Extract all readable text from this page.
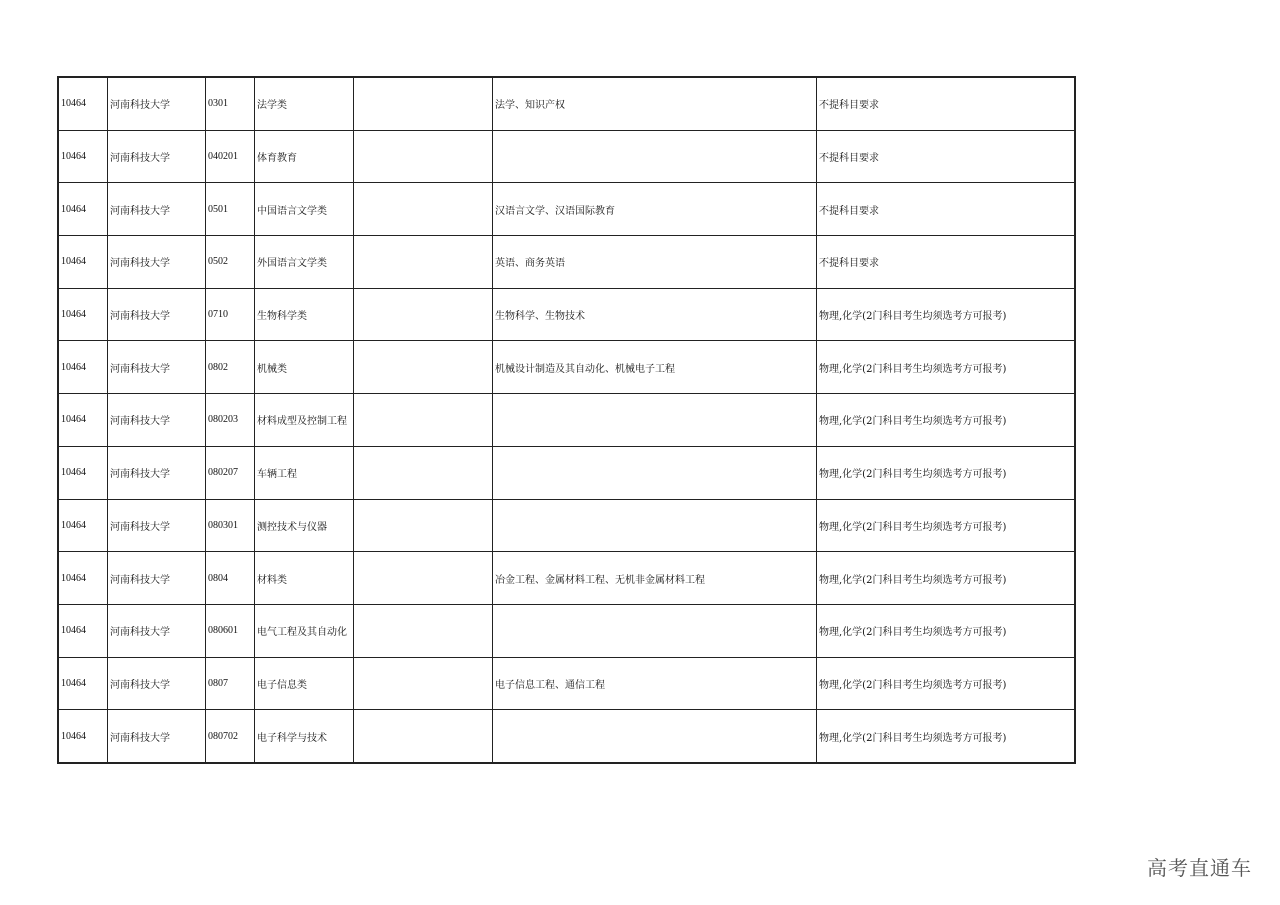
10464	河南科技大学	0301	法学类		法学、知识产权	不提科目要求
10464	河南科技大学	040201	体育教育			不提科目要求
10464	河南科技大学	0501	中国语言文学类		汉语言文学、汉语国际教育	不提科目要求
10464	河南科技大学	0502	外国语言文学类		英语、商务英语	不提科目要求
10464	河南科技大学	0710	生物科学类		生物科学、生物技术	物理,化学(2门科目考生均须选考方可报考)
10464	河南科技大学	0802	机械类		机械设计制造及其自动化、机械电子工程	物理,化学(2门科目考生均须选考方可报考)
10464	河南科技大学	080203	材料成型及控制工程			物理,化学(2门科目考生均须选考方可报考)
10464	河南科技大学	080207	车辆工程			物理,化学(2门科目考生均须选考方可报考)
10464	河南科技大学	080301	测控技术与仪器			物理,化学(2门科目考生均须选考方可报考)
10464	河南科技大学	0804	材料类		冶金工程、金属材料工程、无机非金属材料工程	物理,化学(2门科目考生均须选考方可报考)
10464	河南科技大学	080601	电气工程及其自动化			物理,化学(2门科目考生均须选考方可报考)
10464	河南科技大学	0807	电子信息类		电子信息工程、通信工程	物理,化学(2门科目考生均须选考方可报考)
10464	河南科技大学	080702	电子科学与技术			物理,化学(2门科目考生均须选考方可报考)
高考直通车
